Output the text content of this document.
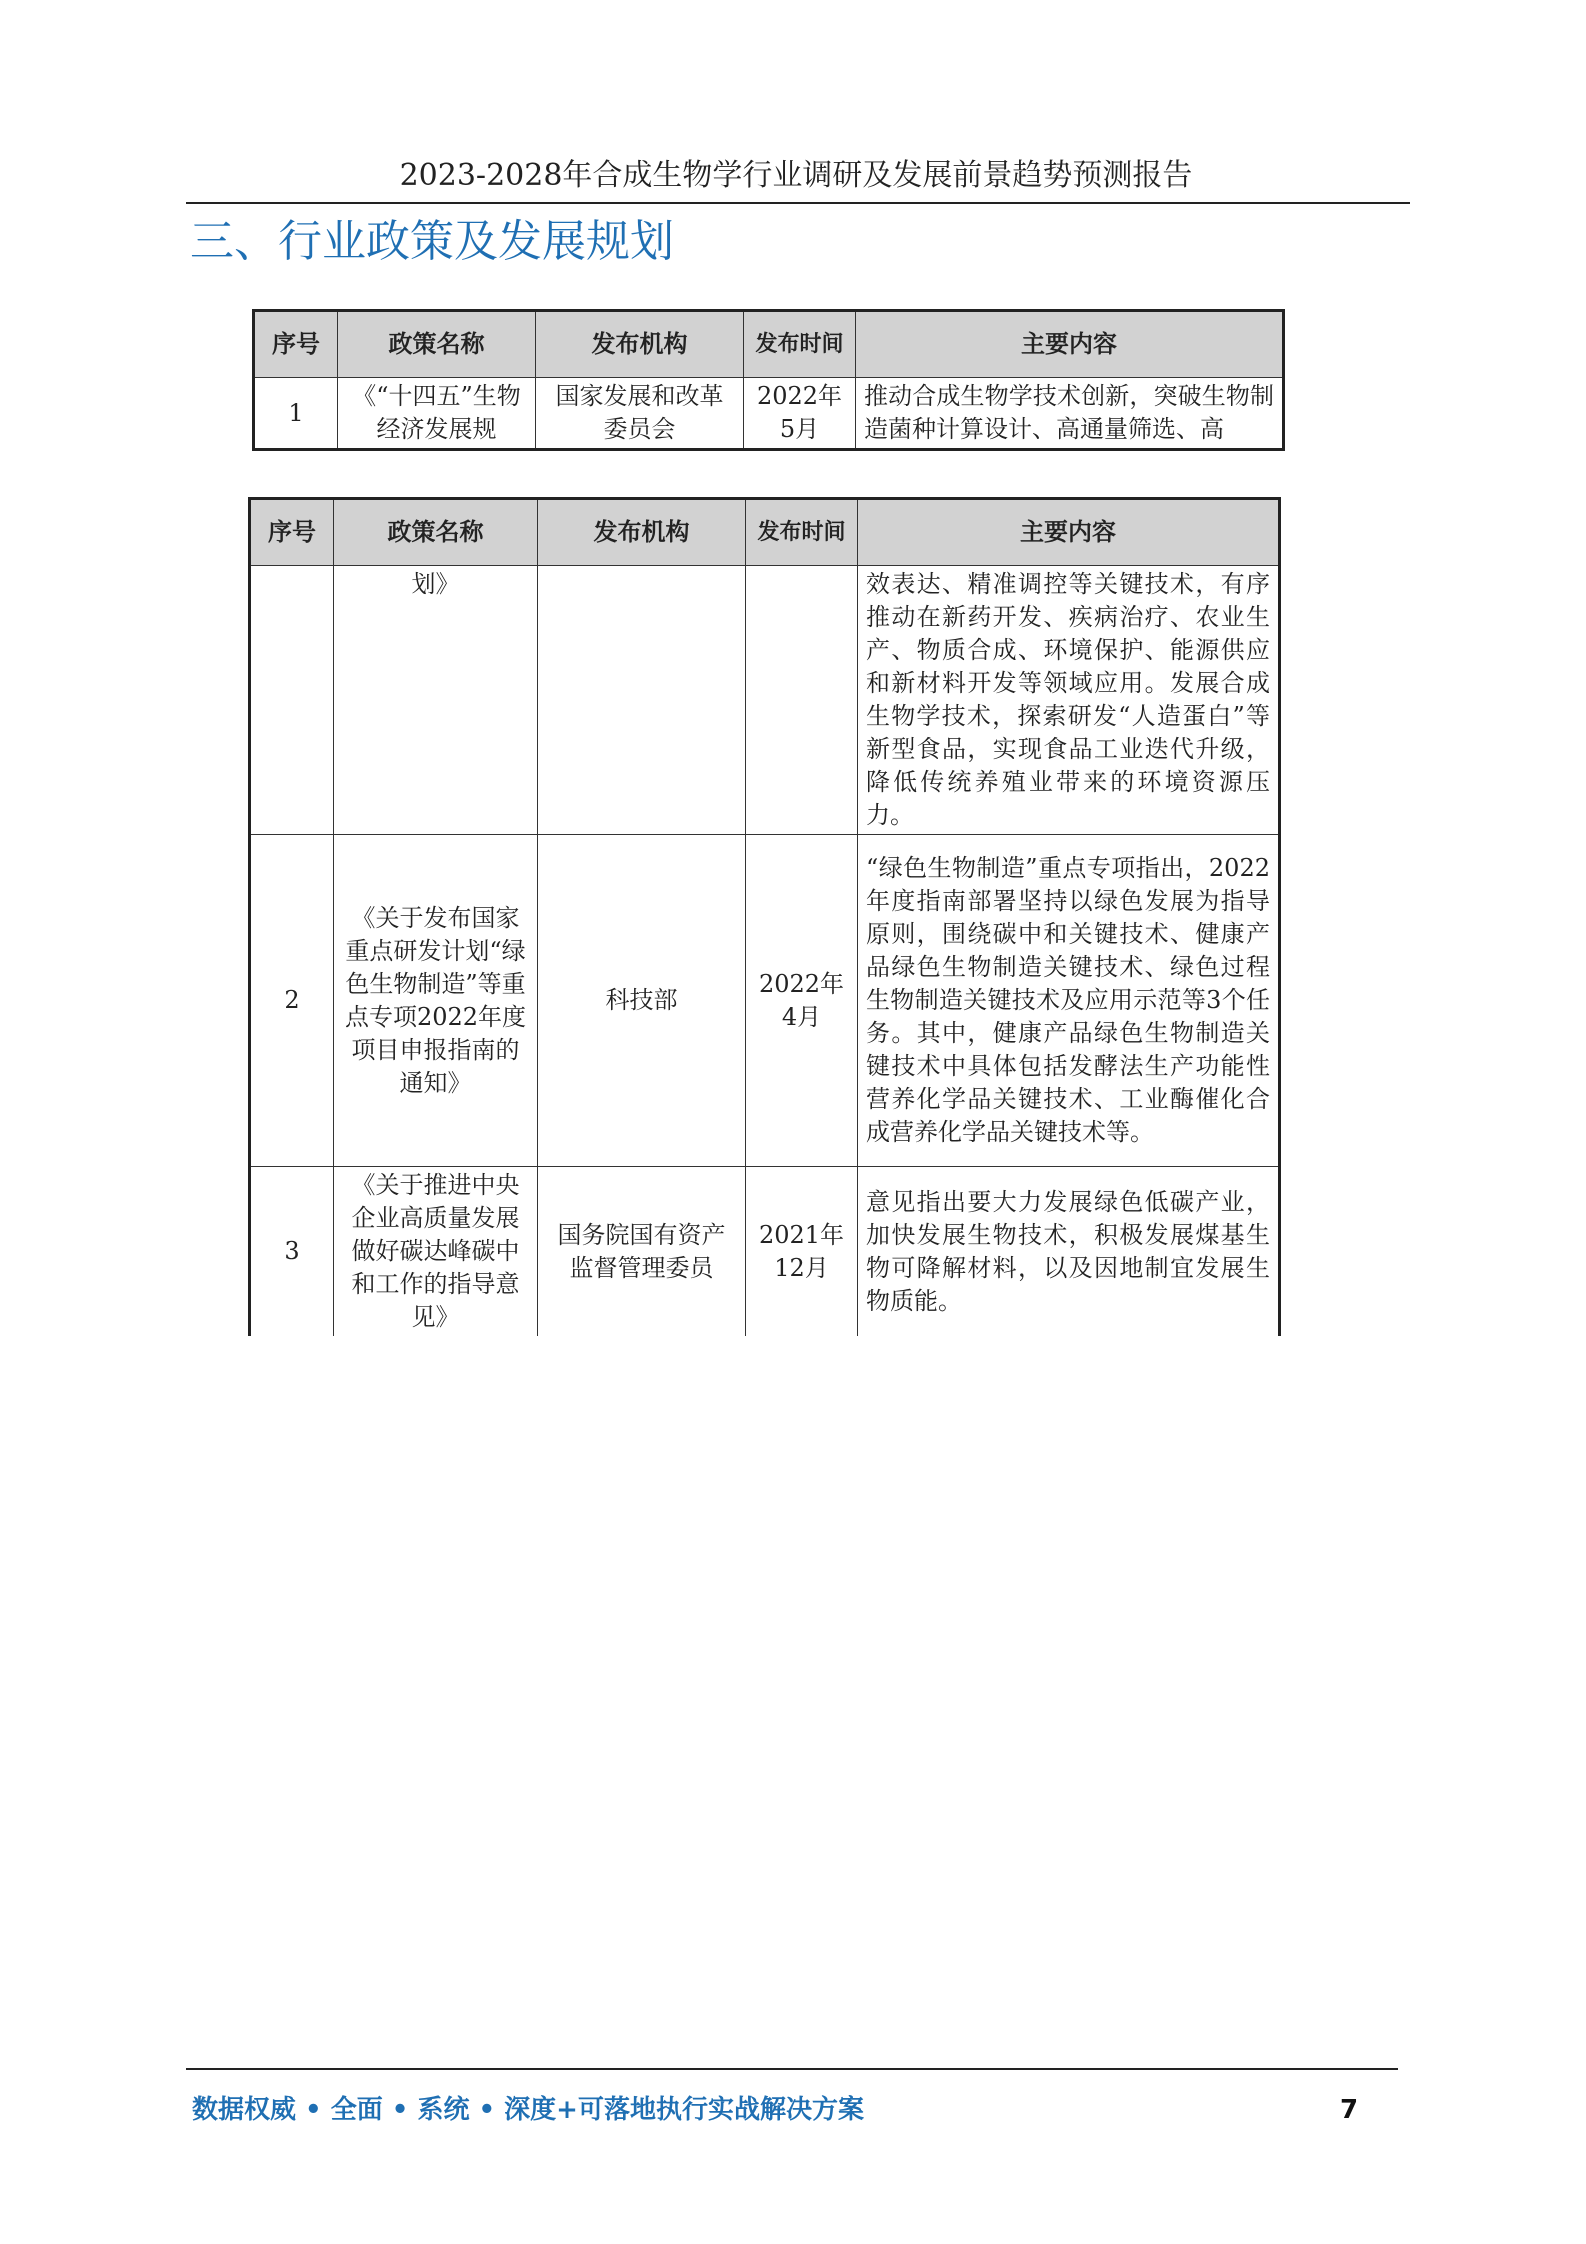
2023-2028年合成生物学行业调研及发展前景趋势预测报告
三、行业政策及发展规划
序号	政策名称	发布机构	发布时间	主要内容
1	《“十四五”生物经济发展规	国家发展和改革委员会	2022年5月	推动合成生物学技术创新，突破生物制造菌种计算设计、高通量筛选、高
序号	政策名称	发布机构	发布时间	主要内容
	划》			效表达、精准调控等关键技术，有序推动在新药开发、疾病治疗、农业生产、物质合成、环境保护、能源供应和新材料开发等领域应用。发展合成生物学技术，探索研发“人造蛋白”等新型食品，实现食品工业迭代升级，降低传统养殖业带来的环境资源压力。
2	《关于发布国家重点研发计划“绿色生物制造”等重点专项2022年度项目申报指南的通知》	科技部	2022年4月	“绿色生物制造”重点专项指出，2022年度指南部署坚持以绿色发展为指导原则，围绕碳中和关键技术、健康产品绿色生物制造关键技术、绿色过程生物制造关键技术及应用示范等3个任务。其中，健康产品绿色生物制造关键技术中具体包括发酵法生产功能性营养化学品关键技术、工业酶催化合成营养化学品关键技术等。
3	《关于推进中央企业高质量发展做好碳达峰碳中和工作的指导意见》	国务院国有资产监督管理委员	2021年12月	意见指出要大力发展绿色低碳产业，加快发展生物技术，积极发展煤基生物可降解材料，以及因地制宜发展生物质能。
数据权威 • 全面 • 系统 • 深度+可落地执行实战解决方案	7
